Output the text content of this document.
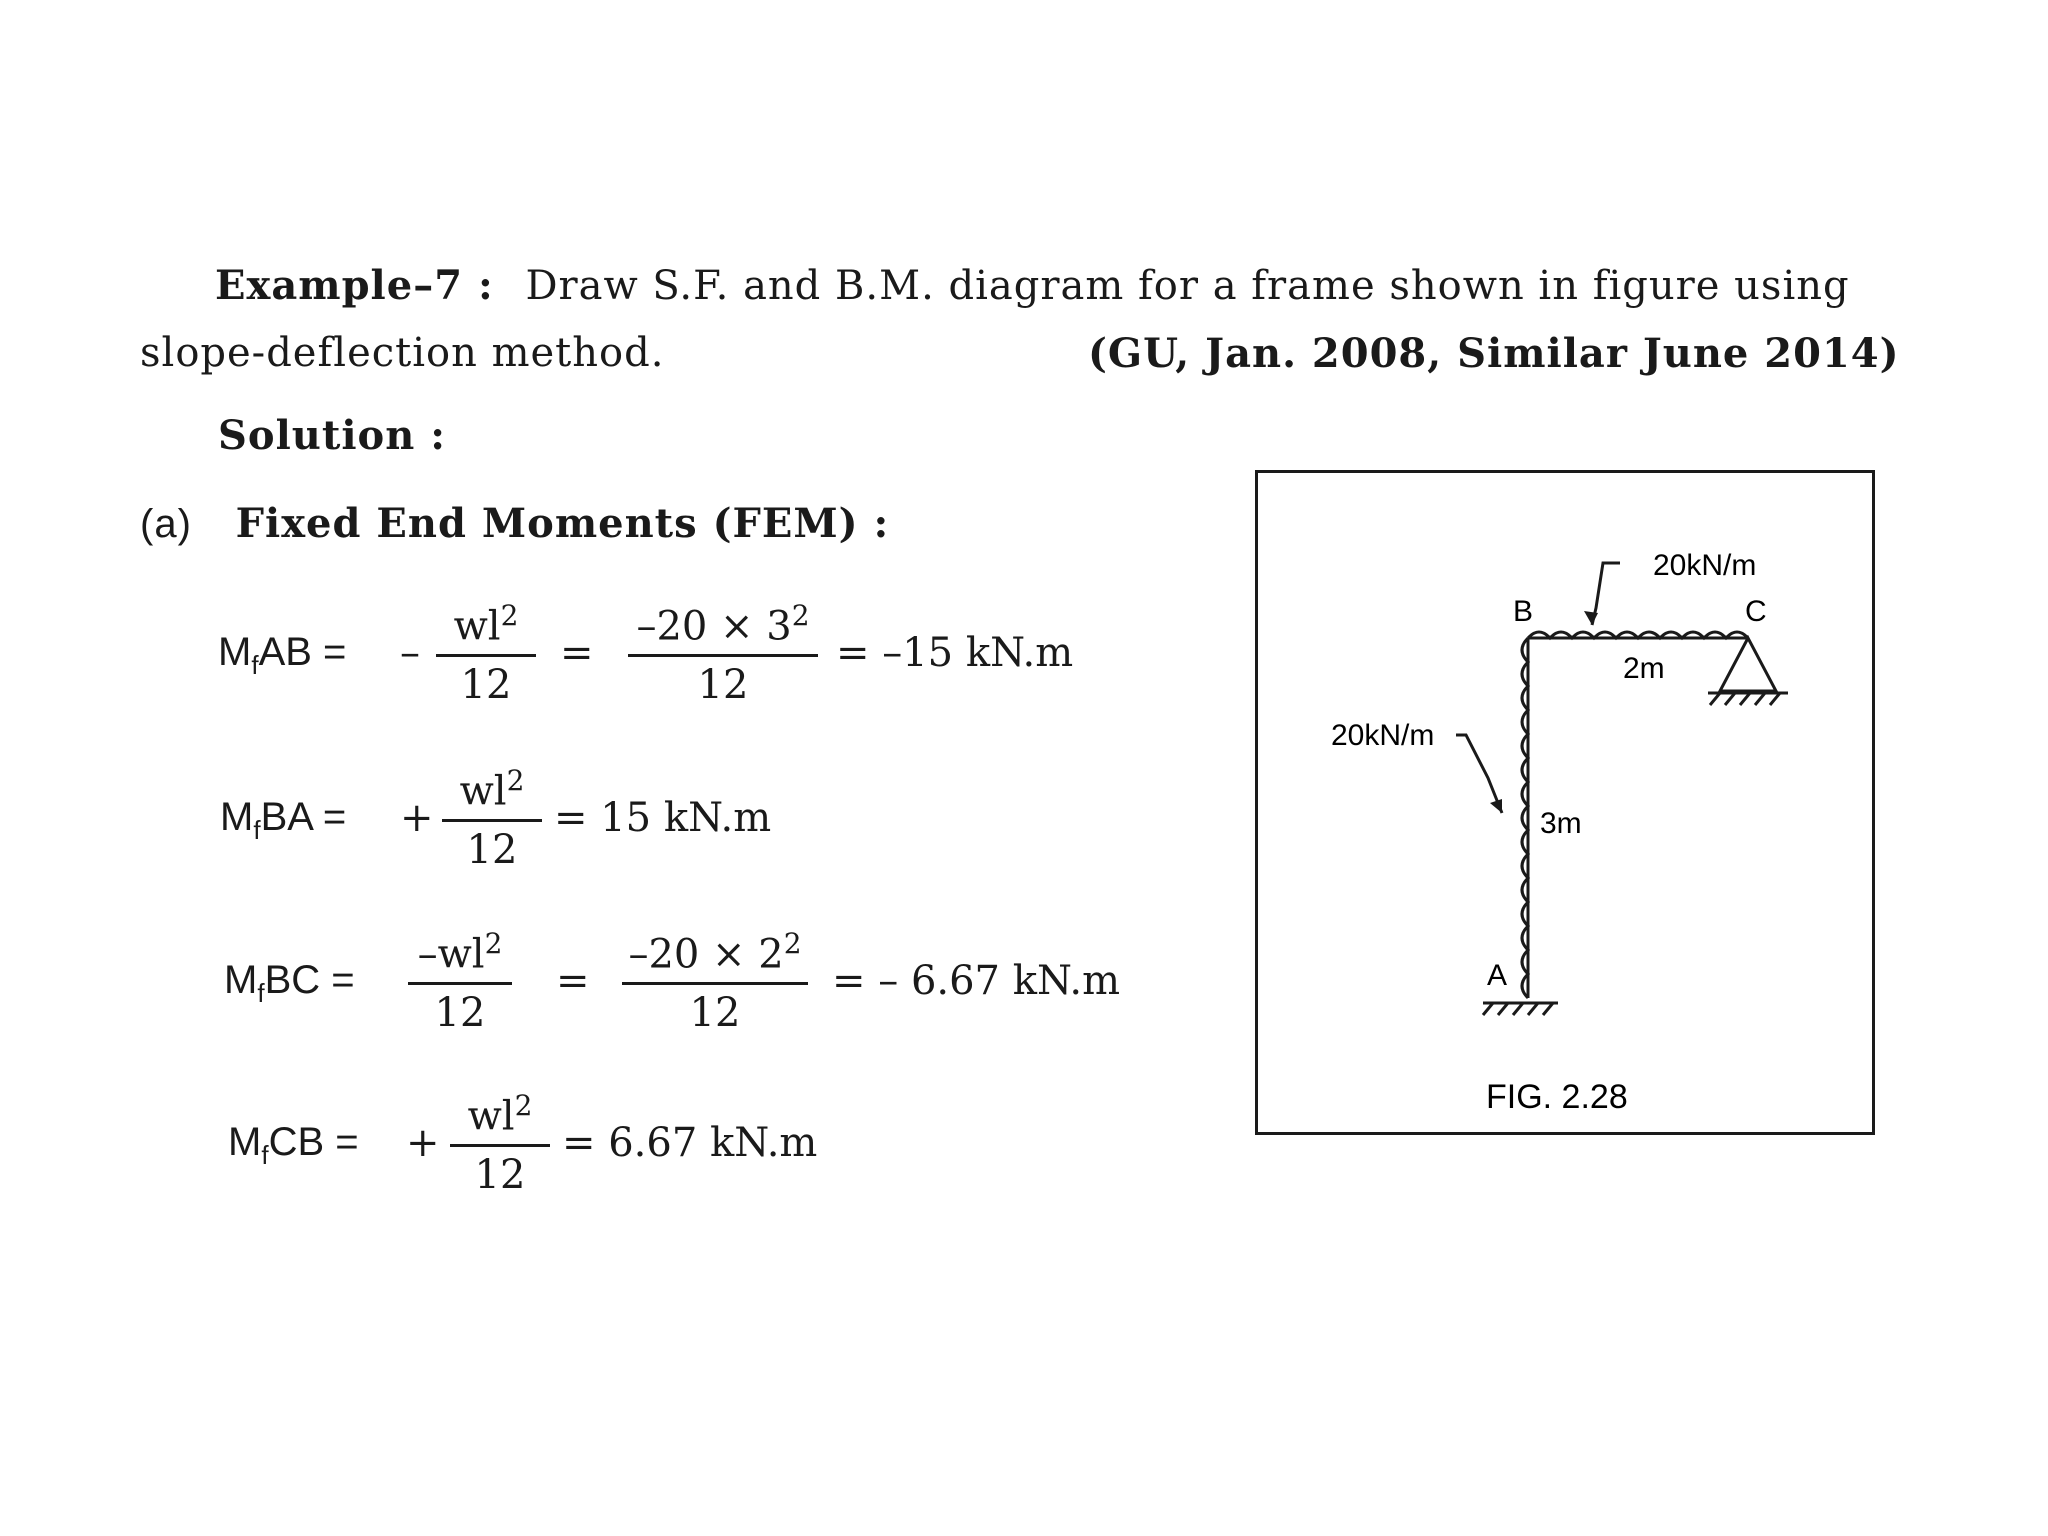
Example–7 : Draw S.F. and B.M. diagram for a frame shown in figure using
slope-deflection method.	(GU, Jan. 2008, Similar June 2014)
Solution :
(a) Fixed End Moments (FEM) :
$M_fAB$ = –
$wl^2$
12
=
$-20 \times 3^2$
12
= –15 kN.m
$M_fBA$ = +
$wl^2$
12
= 15 kN.m
$M_fBC$ =
$-wl^2$
12
=
$-20 \times 2^2$
12
= – 6.67 kN.m
$M_fCB$ = +
$wl^2$
12
= 6.67 kN.m
20kN/m
20kN/m
B	C
2m
3m
A
FIG. 2.28
